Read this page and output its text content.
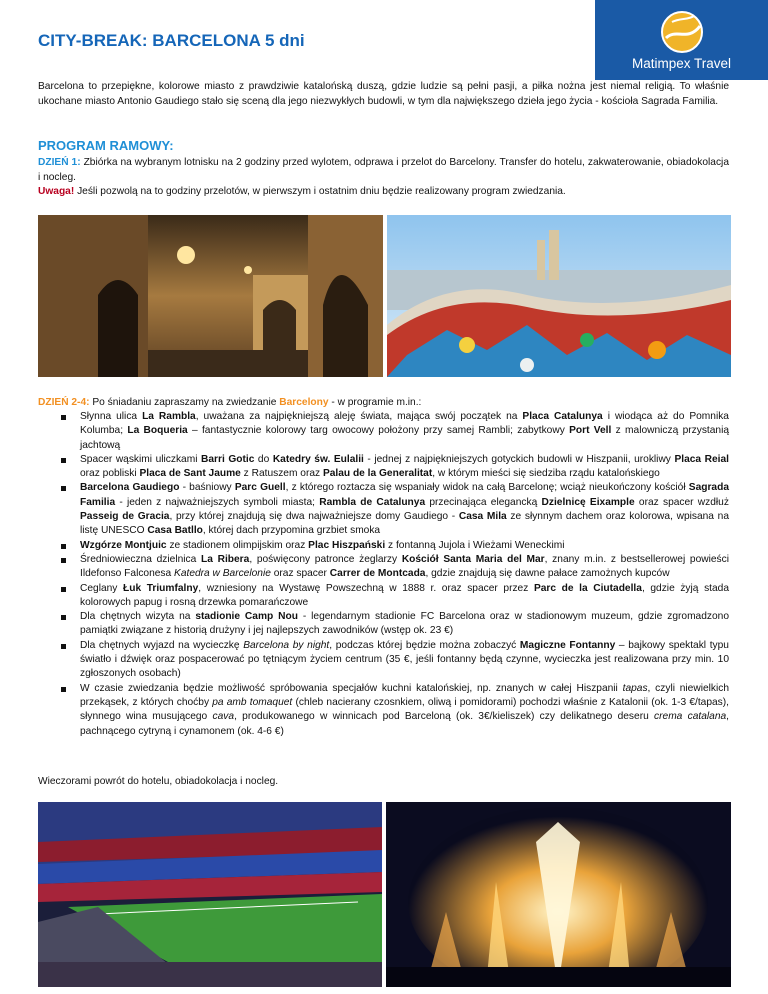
Matimpex Travel
CITY-BREAK: BARCELONA 5 dni

Barcelona to przepiękne, kolorowe miasto z prawdziwie katalońską duszą, gdzie ludzie są pełni pasji, a piłka nożna jest niemal religią. To właśnie ukochane miasto Antonio Gaudiego stało się sceną dla jego niezwykłych budowli, w tym dla największego dzieła jego życia - kościoła Sagrada Familia.

PROGRAM RAMOWY:

DZIEŃ 1: Zbiórka na wybranym lotnisku na 2 godziny przed wylotem, odprawa i przelot do Barcelony. Transfer do hotelu, zakwaterowanie, obiadokolacja i nocleg.
Uwaga! Jeśli pozwolą na to godziny przelotów, w pierwszym i ostatnim dniu będzie realizowany program zwiedzania.

DZIEŃ 2-4: Po śniadaniu zapraszamy na zwiedzanie Barcelony - w programie m.in.:

Słynna ulica La Rambla, uważana za najpiękniejszą aleję świata, mająca swój początek na Placa Catalunya i wiodąca aż do Pomnika Kolumba; La Boqueria – fantastycznie kolorowy targ owocowy położony przy samej Rambli; zabytkowy Port Vell z malowniczą przystanią jachtową
Spacer wąskimi uliczkami Barri Gotic do Katedry św. Eulalii - jednej z najpiękniejszych gotyckich budowli w Hiszpanii, urokliwy Placa Reial oraz pobliski Placa de Sant Jaume z Ratuszem oraz Palau de la Generalitat, w którym mieści się siedziba rządu katalońskiego
Barcelona Gaudiego - baśniowy Parc Guell, z którego roztacza się wspaniały widok na całą Barcelonę; wciąż nieukończony kościół Sagrada Familia - jeden z najważniejszych symboli miasta; Rambla de Catalunya przecinająca elegancką Dzielnicę Eixample oraz spacer wzdłuż Passeig de Gracia, przy której znajdują się dwa najważniejsze domy Gaudiego - Casa Mila ze słynnym dachem oraz kolorowa, wpisana na listę UNESCO Casa Batllo, której dach przypomina grzbiet smoka
Wzgórze Montjuic ze stadionem olimpijskim oraz Plac Hiszpański z fontanną Jujola i Wieżami Weneckimi
Średniowieczna dzielnica La Ribera, poświęcony patronce żeglarzy Kościół Santa Maria del Mar, znany m.in. z bestsellerowej powieści Ildefonso Falconesa Katedra w Barcelonie oraz spacer Carrer de Montcada, gdzie znajdują się dawne pałace zamożnych kupców
Ceglany Łuk Triumfalny, wzniesiony na Wystawę Powszechną w 1888 r. oraz spacer przez Parc de la Ciutadella, gdzie żyją stada kolorowych papug i rosną drzewka pomarańczowe
Dla chętnych wizyta na stadionie Camp Nou - legendarnym stadionie FC Barcelona oraz w stadionowym muzeum, gdzie zgromadzono pamiątki związane z historią drużyny i jej najlepszych zawodników (wstęp ok. 23 €)
Dla chętnych wyjazd na wycieczkę Barcelona by night, podczas której będzie można zobaczyć Magiczne Fontanny – bajkowy spektakl typu światło i dźwięk oraz pospacerować po tętniącym życiem centrum (35 €, jeśli fontanny będą czynne, wycieczka jest realizowana przy min. 10 zgłoszonych osobach)
W czasie zwiedzania będzie możliwość spróbowania specjałów kuchni katalońskiej, np. znanych w całej Hiszpanii tapas, czyli niewielkich przekąsek, z których choćby pa amb tomaquet (chleb nacierany czosnkiem, oliwą i pomidorami) pochodzi właśnie z Katalonii (ok. 1-3 €/tapas), słynnego wina musującego cava, produkowanego w winnicach pod Barceloną (ok. 3€/kieliszek) czy delikatnego deseru crema catalana, pachnącego cytryną i cynamonem (ok. 4-6 €)

Wieczorami powrót do hotelu, obiadokolacja i nocleg.
